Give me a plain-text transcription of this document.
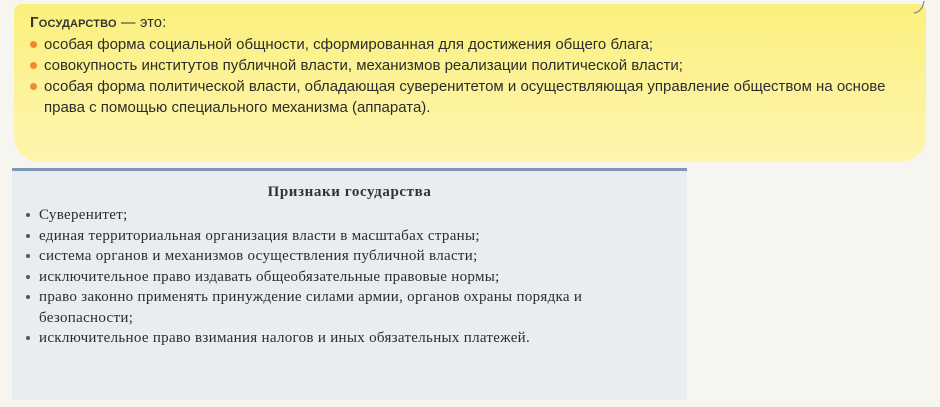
Государство — это:
особая форма социальной общности, сформированная для достижения общего блага;
совокупность институтов публичной власти, механизмов реализации политической власти;
особая форма политической власти, обладающая суверенитетом и осуществляющая управление обществом на основе права с помощью специального механизма (аппарата).
Признаки государства
Суверенитет;
единая территориальная организация власти в масштабах страны;
система органов и механизмов осуществления публичной власти;
исключительное право издавать общеобязательные правовые нормы;
право законно применять принуждение силами армии, органов охраны порядка и безопасности;
исключительное право взимания налогов и иных обязательных платежей.
